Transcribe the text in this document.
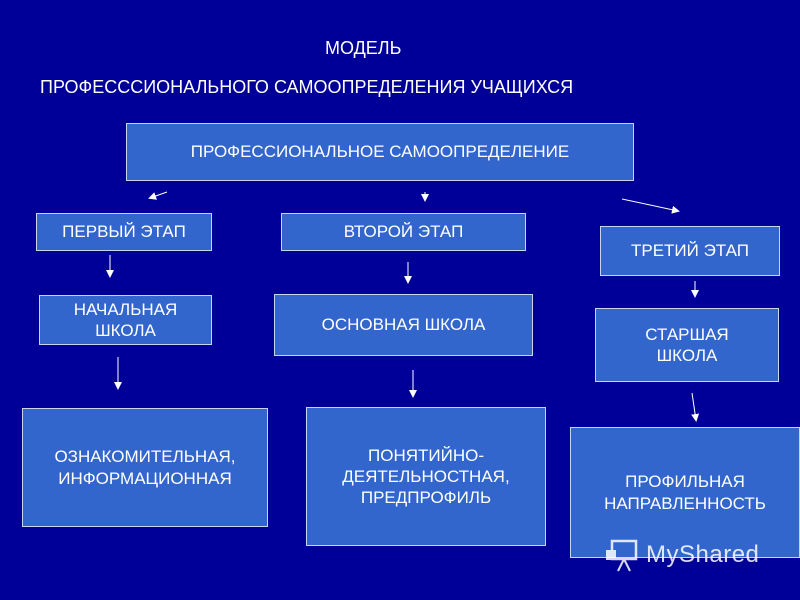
МОДЕЛЬ
ПРОФЕСССИОНАЛЬНОГО САМООПРЕДЕЛЕНИЯ УЧАЩИХСЯ
ПРОФЕССИОНАЛЬНОЕ САМООПРЕДЕЛЕНИЕ
ПЕРВЫЙ ЭТАП	ВТОРОЙ ЭТАП
ТРЕТИЙ ЭТАП
НАЧАЛЬНАЯ
ШКОЛА	ОСНОВНАЯ ШКОЛА	СТАРШАЯ
ШКОЛА
ОЗНАКОМИТЕЛЬНАЯ,
ИНФОРМАЦИОННАЯ
ПОНЯТИЙНО-
ДЕЯТЕЛЬНОСТНАЯ,
ПРЕДПРОФИЛЬ
ПРОФИЛЬНАЯ
НАПРАВЛЕННОСТЬ
MyShared
